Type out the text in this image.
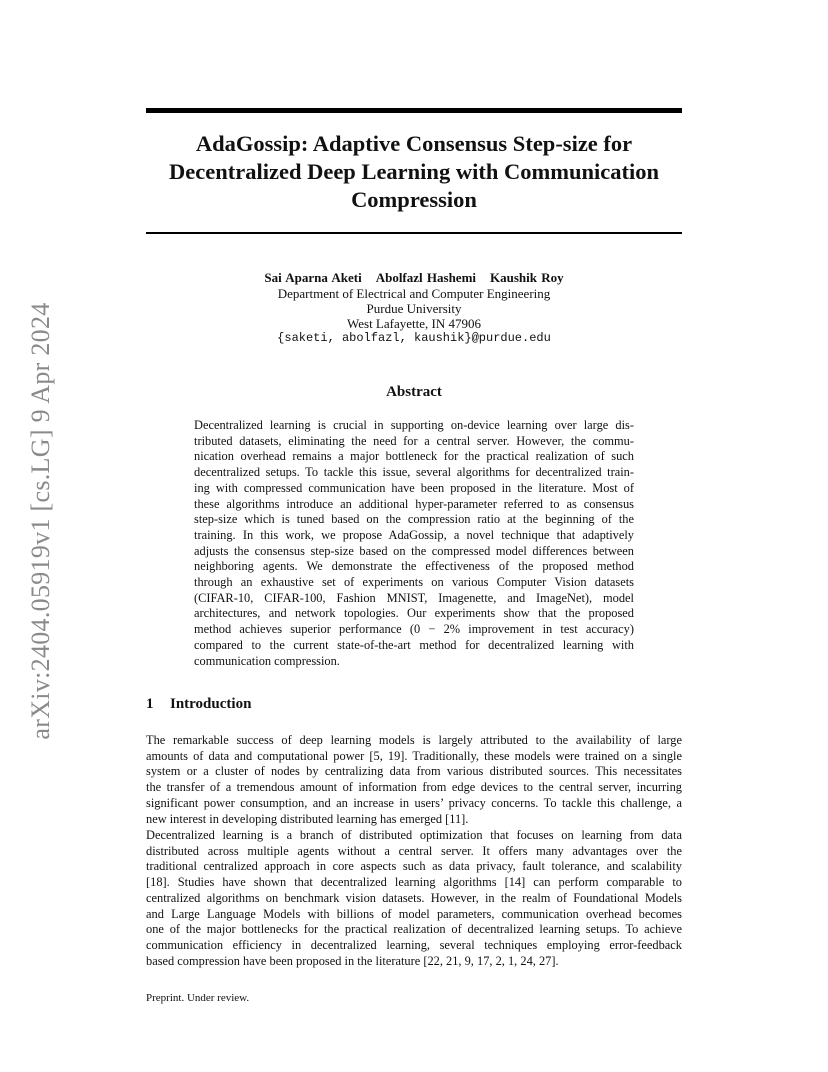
arXiv:2404.05919v1 [cs.LG] 9 Apr 2024
AdaGossip: Adaptive Consensus Step-size for
Decentralized Deep Learning with Communication
Compression
Sai Aparna Aketi Abolfazl Hashemi Kaushik Roy
Department of Electrical and Computer Engineering
Purdue University
West Lafayette, IN 47906
{saketi, abolfazl, kaushik}@purdue.edu
Abstract
Decentralized learning is crucial in supporting on-device learning over large dis-
tributed datasets, eliminating the need for a central server. However, the commu-
nication overhead remains a major bottleneck for the practical realization of such
decentralized setups. To tackle this issue, several algorithms for decentralized train-
ing with compressed communication have been proposed in the literature. Most of
these algorithms introduce an additional hyper-parameter referred to as consensus
step-size which is tuned based on the compression ratio at the beginning of the
training. In this work, we propose AdaGossip, a novel technique that adaptively
adjusts the consensus step-size based on the compressed model differences between
neighboring agents. We demonstrate the effectiveness of the proposed method
through an exhaustive set of experiments on various Computer Vision datasets
(CIFAR-10, CIFAR-100, Fashion MNIST, Imagenette, and ImageNet), model
architectures, and network topologies. Our experiments show that the proposed
method achieves superior performance (0 − 2% improvement in test accuracy)
compared to the current state-of-the-art method for decentralized learning with
communication compression.
1 Introduction
The remarkable success of deep learning models is largely attributed to the availability of large
amounts of data and computational power [5, 19]. Traditionally, these models were trained on a single
system or a cluster of nodes by centralizing data from various distributed sources. This necessitates
the transfer of a tremendous amount of information from edge devices to the central server, incurring
significant power consumption, and an increase in users’ privacy concerns. To tackle this challenge, a
new interest in developing distributed learning has emerged [11].
Decentralized learning is a branch of distributed optimization that focuses on learning from data
distributed across multiple agents without a central server. It offers many advantages over the
traditional centralized approach in core aspects such as data privacy, fault tolerance, and scalability
[18]. Studies have shown that decentralized learning algorithms [14] can perform comparable to
centralized algorithms on benchmark vision datasets. However, in the realm of Foundational Models
and Large Language Models with billions of model parameters, communication overhead becomes
one of the major bottlenecks for the practical realization of decentralized learning setups. To achieve
communication efficiency in decentralized learning, several techniques employing error-feedback
based compression have been proposed in the literature [22, 21, 9, 17, 2, 1, 24, 27].
Preprint. Under review.
